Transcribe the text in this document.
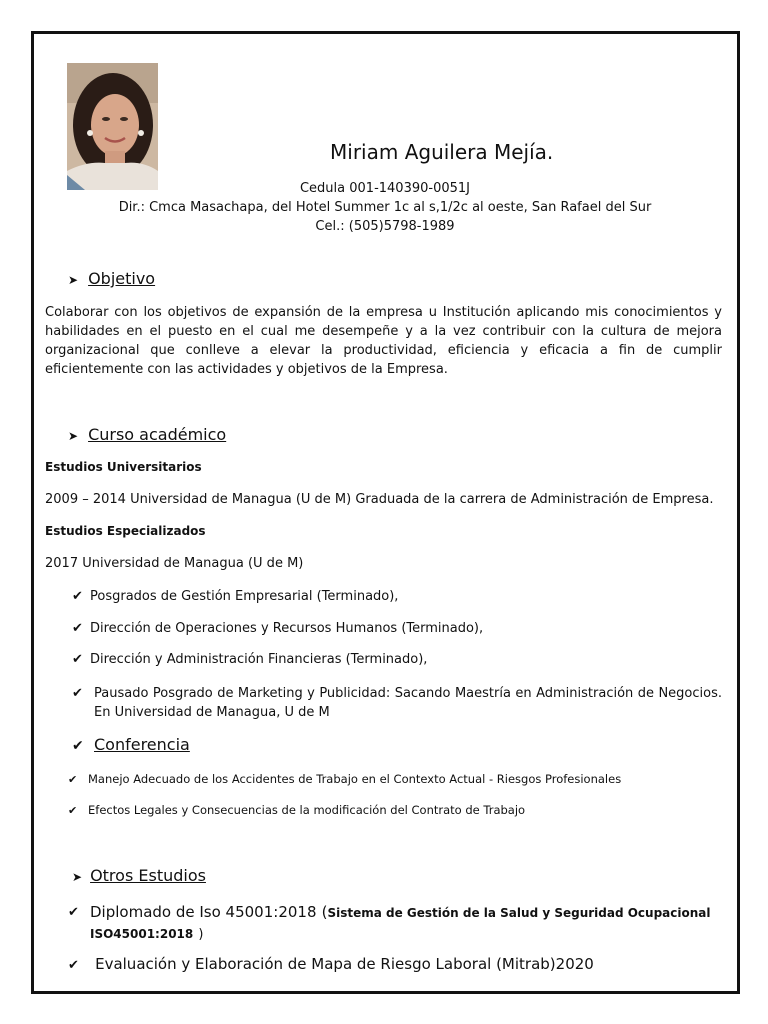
Miriam Aguilera Mejía.
Cedula 001-140390-0051J
Dir.: Cmca Masachapa, del Hotel Summer 1c al s,1/2c al oeste, San Rafael del Sur
Cel.: (505)5798-1989
➤ Objetivo
Colaborar con los objetivos de expansión de la empresa u Institución aplicando mis conocimientos y habilidades en el puesto en el cual me desempeñe y a la vez contribuir con la cultura de mejora organizacional que conlleve a elevar la productividad, eficiencia y eficacia a fin de cumplir eficientemente con las actividades y objetivos de la Empresa.
➤ Curso académico
Estudios Universitarios
2009 – 2014 Universidad de Managua (U de M) Graduada de la carrera de Administración de Empresa.
Estudios Especializados
2017 Universidad de Managua (U de M)
✔ Posgrados de Gestión Empresarial (Terminado),
✔ Dirección de Operaciones y Recursos Humanos (Terminado),
✔ Dirección y Administración Financieras (Terminado),
✔ Pausado Posgrado de Marketing y Publicidad: Sacando Maestría en Administración de Negocios. En Universidad de Managua, U de M
✔ Conferencia
✔ Manejo Adecuado de los Accidentes de Trabajo en el Contexto Actual - Riesgos Profesionales
✔ Efectos Legales y Consecuencias de la modificación del Contrato de Trabajo
➤ Otros Estudios
✔ Diplomado de Iso 45001:2018 (Sistema de Gestión de la Salud y Seguridad Ocupacional ISO45001:2018 )
✔ Evaluación y Elaboración de Mapa de Riesgo Laboral (Mitrab)2020
